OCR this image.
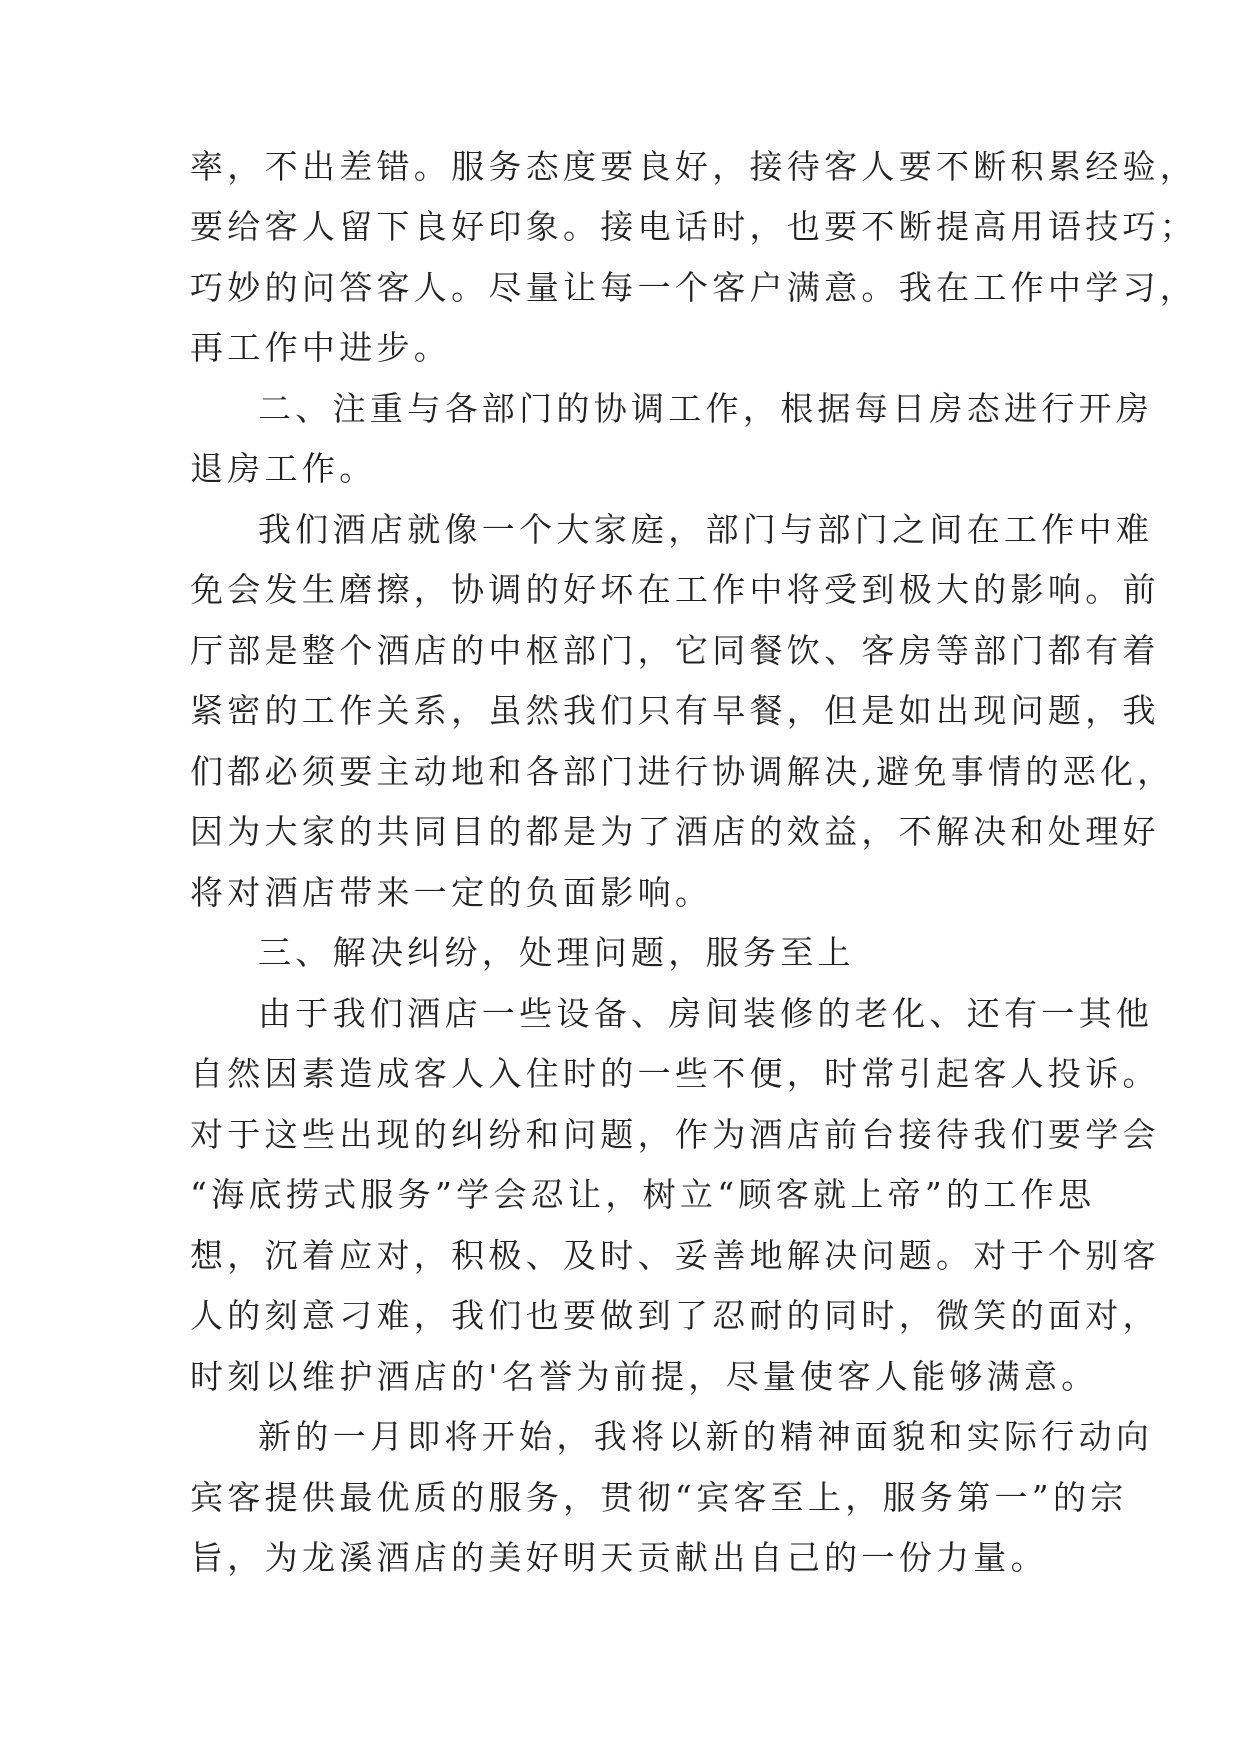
率，不出差错。服务态度要良好，接待客人要不断积累经验，
要给客人留下良好印象。接电话时，也要不断提高用语技巧；
巧妙的问答客人。尽量让每一个客户满意。我在工作中学习，
再工作中进步。
二、注重与各部门的协调工作，根据每日房态进行开房
退房工作。
我们酒店就像一个大家庭，部门与部门之间在工作中难
免会发生磨擦，协调的好坏在工作中将受到极大的影响。前
厅部是整个酒店的中枢部门，它同餐饮、客房等部门都有着
紧密的工作关系，虽然我们只有早餐，但是如出现问题，我
们都必须要主动地和各部门进行协调解决,避免事情的恶化，
因为大家的共同目的都是为了酒店的效益，不解决和处理好
将对酒店带来一定的负面影响。
三、解决纠纷，处理问题，服务至上
由于我们酒店一些设备、房间装修的老化、还有一其他
自然因素造成客人入住时的一些不便，时常引起客人投诉。
对于这些出现的纠纷和问题，作为酒店前台接待我们要学会
“海底捞式服务”学会忍让，树立“顾客就上帝”的工作思
想，沉着应对，积极、及时、妥善地解决问题。对于个别客
人的刻意刁难，我们也要做到了忍耐的同时，微笑的面对，
时刻以维护酒店的'名誉为前提，尽量使客人能够满意。
新的一月即将开始，我将以新的精神面貌和实际行动向
宾客提供最优质的服务，贯彻“宾客至上，服务第一”的宗
旨，为龙溪酒店的美好明天贡献出自己的一份力量。
